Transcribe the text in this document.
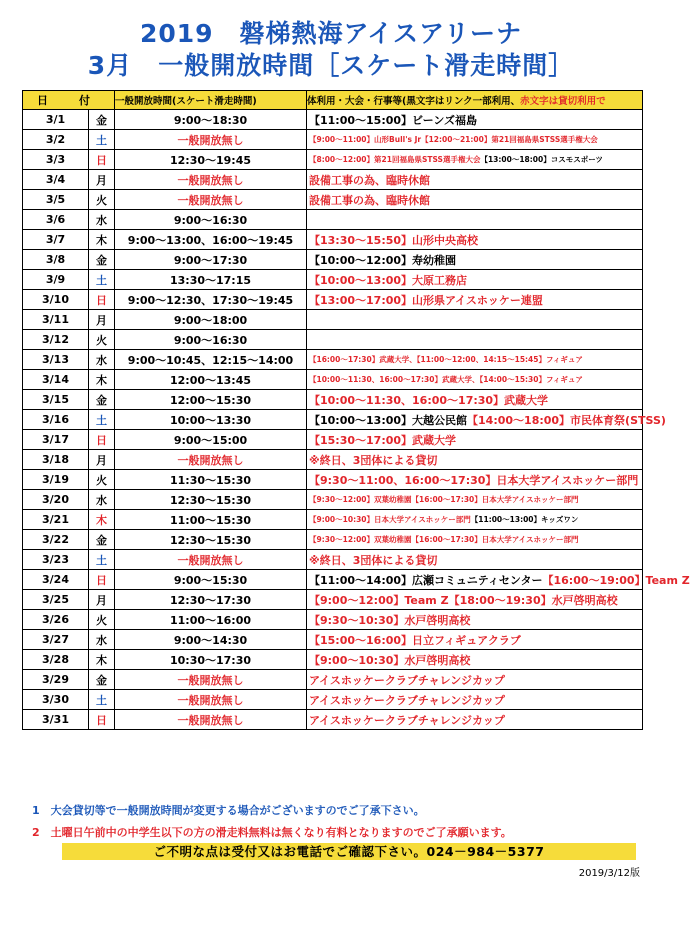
2019　磐梯熱海アイスアリーナ
3月　一般開放時間［スケート滑走時間］
日　付		一般開放時間(スケート滑走時間)	体利用・大会・行事等(黒文字はリンク一部利用、赤文字は貸切利用で
3/1	金	9:00～18:30	【11:00～15:00】ビーンズ福島
3/2	土	一般開放無し	【9:00～11:00】山形Bull's Jr【12:00～21:00】第21回福島県STSS選手権大会
3/3	日	12:30～19:45	【8:00～12:00】第21回福島県STSS選手権大会【13:00～18:00】コスモスポーツ
3/4	月	一般開放無し	設備工事の為、臨時休館
3/5	火	一般開放無し	設備工事の為、臨時休館
3/6	水	9:00～16:30	
3/7	木	9:00～13:00、16:00～19:45	【13:30～15:50】山形中央高校
3/8	金	9:00～17:30	【10:00～12:00】寿幼稚園
3/9	土	13:30～17:15	【10:00～13:00】大原工務店
3/10	日	9:00～12:30、17:30～19:45	【13:00～17:00】山形県アイスホッケー連盟
3/11	月	9:00～18:00	
3/12	火	9:00～16:30	
3/13	水	9:00～10:45、12:15～14:00	【16:00～17:30】武蔵大学、【11:00～12:00、14:15～15:45】フィギュア
3/14	木	12:00～13:45	【10:00～11:30、16:00～17:30】武蔵大学、【14:00～15:30】フィギュア
3/15	金	12:00～15:30	【10:00～11:30、16:00～17:30】武蔵大学
3/16	土	10:00～13:30	【10:00～13:00】大越公民館【14:00～18:00】市民体育祭(STSS)
3/17	日	9:00～15:00	【15:30～17:00】武蔵大学
3/18	月	一般開放無し	※終日、3団体による貸切
3/19	火	11:30～15:30	【9:30～11:00、16:00～17:30】日本大学アイスホッケー部門
3/20	水	12:30～15:30	【9:30～12:00】双葉幼稚園【16:00～17:30】日本大学アイスホッケー部門
3/21	木	11:00～15:30	【9:00～10:30】日本大学アイスホッケー部門【11:00～13:00】キッズワン
3/22	金	12:30～15:30	【9:30～12:00】双葉幼稚園【16:00～17:30】日本大学アイスホッケー部門
3/23	土	一般開放無し	※終日、3団体による貸切
3/24	日	9:00～15:30	【11:00～14:00】広瀬コミュニティセンター【16:00～19:00】Team Z
3/25	月	12:30～17:30	【9:00～12:00】Team Z【18:00～19:30】水戸啓明高校
3/26	火	11:00～16:00	【9:30～10:30】水戸啓明高校
3/27	水	9:00～14:30	【15:00～16:00】日立フィギュアクラブ
3/28	木	10:30～17:30	【9:00～10:30】水戸啓明高校
3/29	金	一般開放無し	アイスホッケークラブチャレンジカップ
3/30	土	一般開放無し	アイスホッケークラブチャレンジカップ
3/31	日	一般開放無し	アイスホッケークラブチャレンジカップ
1　大会貸切等で一般開放時間が変更する場合がございますのでご了承下さい。
2　土曜日午前中の中学生以下の方の滑走料無料は無くなり有料となりますのでご了承願います。
ご不明な点は受付又はお電話でご確認下さい。024－984－5377
2019/3/12版
